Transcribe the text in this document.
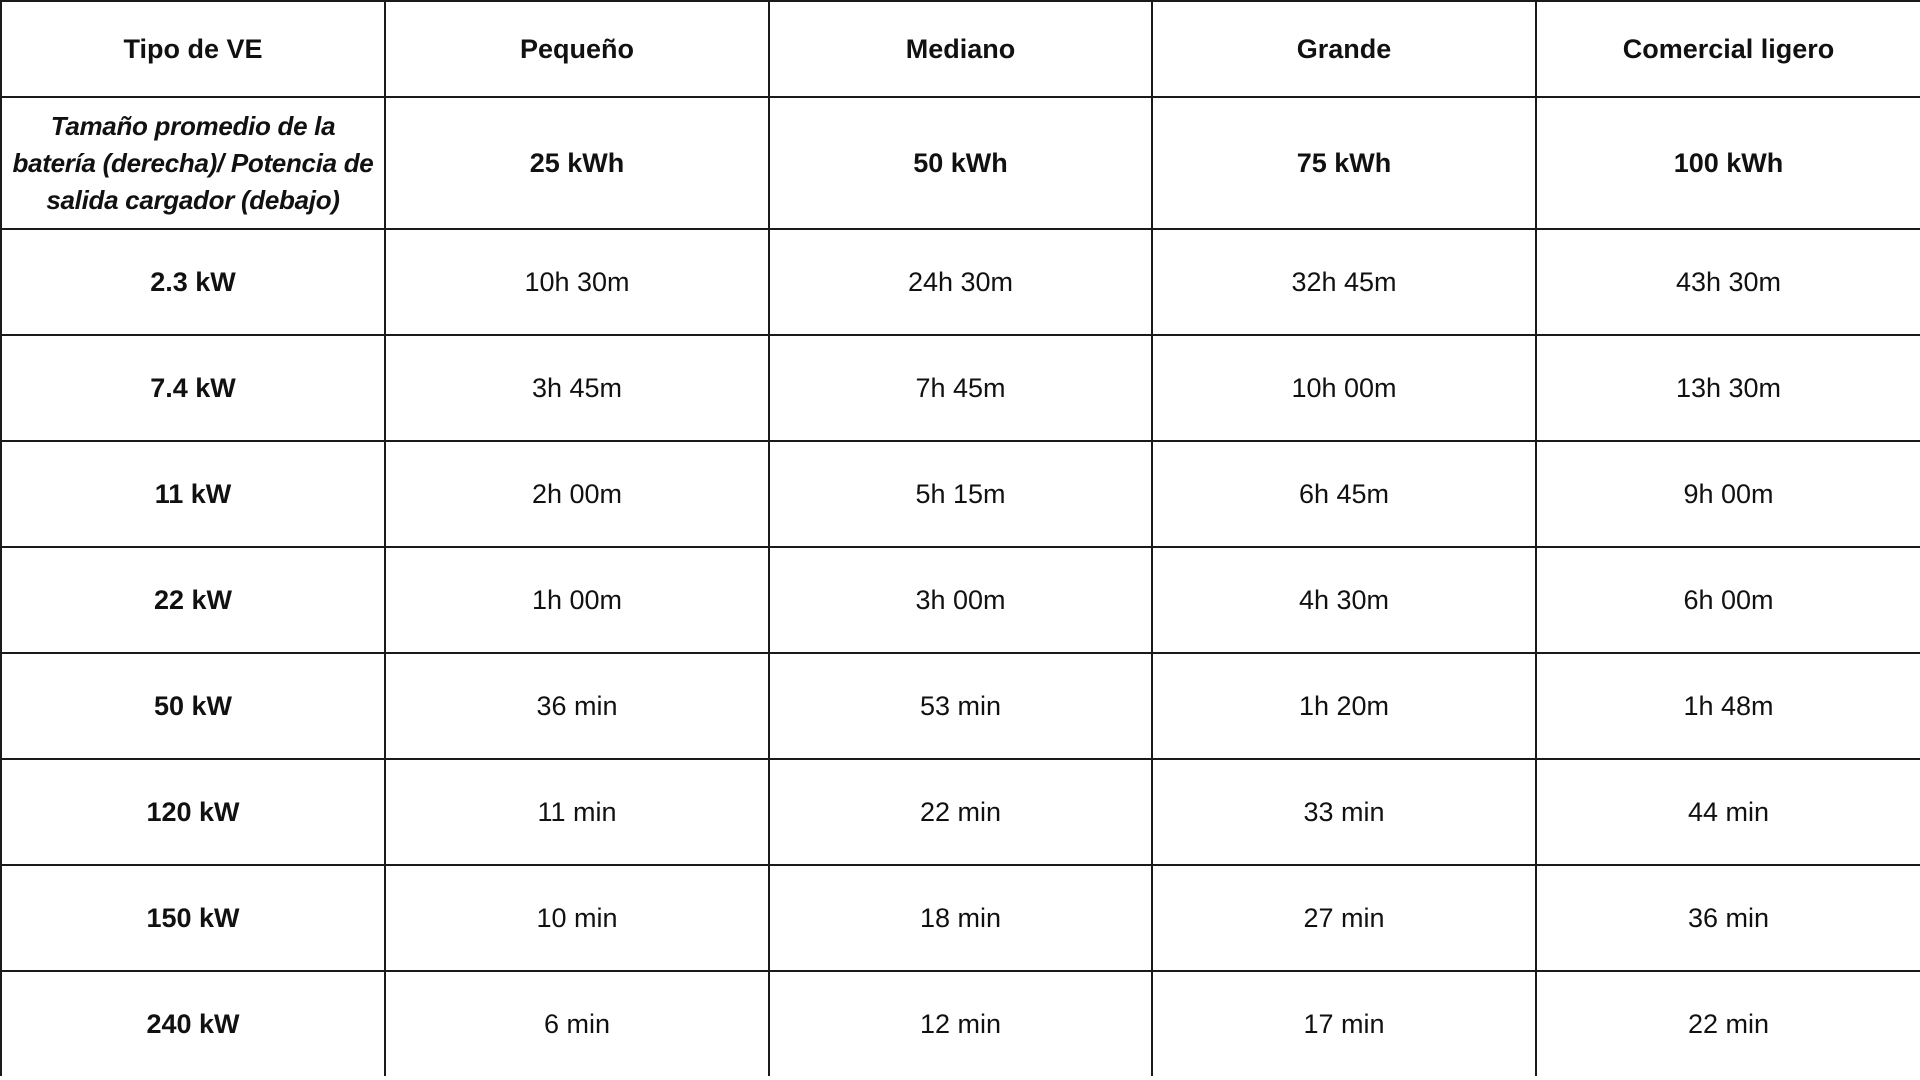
Tipo de VE	Pequeño	Mediano	Grande	Comercial ligero
Tamaño promedio de la batería (derecha)/ Potencia de salida cargador (debajo)	25 kWh	50 kWh	75 kWh	100 kWh
2.3 kW	10h 30m	24h 30m	32h 45m	43h 30m
7.4 kW	3h 45m	7h 45m	10h 00m	13h 30m
11 kW	2h 00m	5h 15m	6h 45m	9h 00m
22 kW	1h 00m	3h 00m	4h 30m	6h 00m
50 kW	36 min	53 min	1h 20m	1h 48m
120 kW	11 min	22 min	33 min	44 min
150 kW	10 min	18 min	27 min	36 min
240 kW	6 min	12 min	17 min	22 min
